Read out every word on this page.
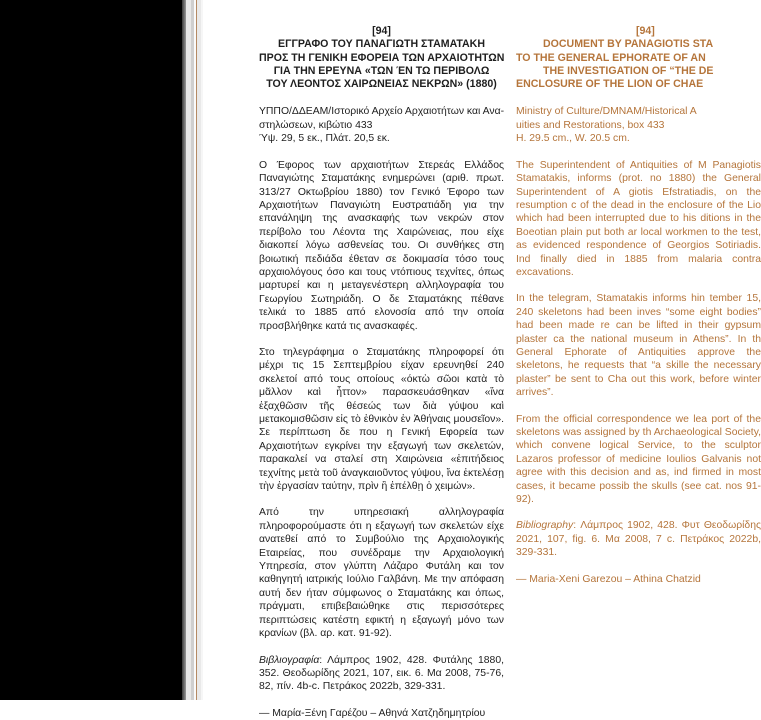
[94]
ΕΓΓΡΑΦΟ ΤΟΥ ΠΑΝΑΓΙΩΤΗ ΣΤΑΜΑΤΑΚΗ
ΠΡΟΣ ΤΗ ΓΕΝΙΚΗ ΕΦΟΡΕΙΑ ΤΩΝ ΑΡΧΑΙΟΤΗΤΩΝ
ΓΙΑ ΤΗΝ ΕΡΕΥΝΑ «ΤΩΝ ΈΝ ΤΩ ΠΕΡΙΒΟΛΩ
ΤΟΥ ΛΕΟΝΤΟΣ ΧΑΙΡΩΝΕΙΑΣ ΝΕΚΡΩΝ» (1880)
ΥΠΠΟ/ΔΔΕΑΜ/Ιστορικό Αρχείο Αρχαιοτήτων και Ανα-
στηλώσεων, κιβώτιο 433
Ύψ. 29, 5 εκ., Πλάτ. 20,5 εκ.

Ο Έφορος των αρχαιοτήτων Στερεάς Ελλάδος Παναγιώτης Σταματάκης ενημερώνει (αριθ. πρωτ. 313/27 Οκτωβρίου 1880) τον Γενικό Έφορο των Αρχαιοτήτων Παναγιώτη Ευστρατιάδη για την επανάληψη της ανασκαφής των νεκρών στον περίβολο του Λέοντα της Χαιρώνειας, που είχε διακοπεί λόγω ασθενείας του. Οι συνθήκες στη βοιωτική πεδιάδα έθεταν σε δοκιμασία τόσο τους αρχαιολόγους όσο και τους ντόπιους τεχνίτες, όπως μαρτυρεί και η μεταγενέστερη αλληλογραφία του Γεωργίου Σωτηριάδη. Ο δε Σταματάκης πέθανε τελικά το 1885 από ελονοσία από την οποία προσβλήθηκε κατά τις ανασκαφές.

Στο τηλεγράφημα ο Σταματάκης πληροφορεί ότι μέχρι τις 15 Σεπτεμβρίου είχαν ερευνηθεί 240 σκελετοί από τους οποίους «όκτὼ σῶοι κατὰ τὸ μᾶλλον καὶ ἧττον» παρασκευάσθηκαν «ἵνα ἐξαχθῶσιν τῆς θέσεώς των διὰ γύψου καὶ μετακομισθῶσιν εἰς τὸ ἐθνικὸν ἐν Ἀθήναις μουσεῖον». Σε περίπτωση δε που η Γενική Εφορεία των Αρχαιοτήτων εγκρίνει την εξαγωγή των σκελετών, παρακαλεί να σταλεί στη Χαιρώνεια «ἐπιτήδειος τεχνίτης μετὰ τοῦ ἀναγκαιοῦντος γύψου, ἵνα ἐκτελέσῃ τὴν ἐργασίαν ταύτην, πρὶν ἢ ἐπέλθῃ ὁ χειμών».

Από την υπηρεσιακή αλληλογραφία πληροφορούμαστε ότι η εξαγωγή των σκελετών είχε ανατεθεί από το Συμβούλιο της Αρχαιολογικής Εταιρείας, που συνέδραμε την Αρχαιολογική Υπηρεσία, στον γλύπτη Λάζαρο Φυτάλη και τον καθηγητή ιατρικής Ιούλιο Γαλβάνη. Με την απόφαση αυτή δεν ήταν σύμφωνος ο Σταματάκης και όπως, πράγματι, επιβεβαιώθηκε στις περισσότερες περιπτώσεις κατέστη εφικτή η εξαγωγή μόνο των κρανίων (βλ. αρ. κατ. 91-92).

Βιβλιογραφία: Λάμπρος 1902, 428. Φυτάλης 1880, 352. Θεοδωρίδης 2021, 107, εικ. 6. Μα 2008, 75-76, 82, πίν. 4b-c. Πετράκος 2022b, 329-331.

— Μαρία-Ξένη Γαρέζου – Αθηνά Χατζηδημητρίου
[94]
DOCUMENT BY PANAGIOTIS STA
TO THE GENERAL EPHORATE OF AN
THE INVESTIGATION OF “THE DE
ENCLOSURE OF THE LION OF CHAE
Ministry of Culture/DMNAM/Historical A
uities and Restorations, box 433
H. 29.5 cm., W. 20.5 cm.

The Superintendent of Antiquities of M Panagiotis Stamatakis, informs (prot. no 1880) the General Superintendent of A giotis Efstratiadis, on the resumption c of the dead in the enclosure of the Lio which had been interrupted due to his ditions in the Boeotian plain put both ar local workmen to the test, as evidenced respondence of Georgios Sotiriadis. Ind finally died in 1885 from malaria contra excavations.

In the telegram, Stamatakis informs hin tember 15, 240 skeletons had been inves “some eight bodies” had been made re can be lifted in their gypsum plaster ca the national museum in Athens”. In th General Ephorate of Antiquities approve the skeletons, he requests that “a skille the necessary plaster” be sent to Cha out this work, before winter arrives”.

From the official correspondence we lea port of the skeletons was assigned by th Archaeological Society, which convene logical Service, to the sculptor Lazaros professor of medicine Ioulios Galvanis not agree with this decision and as, ind firmed in most cases, it became possib the skulls (see cat. nos 91-92).

Bibliography: Λάμπρος 1902, 428. Φυτ Θεοδωρίδης 2021, 107, fig. 6. Μα 2008, 7 c. Πετράκος 2022b, 329-331.

— Maria-Xeni Garezou – Athina Chatzid
